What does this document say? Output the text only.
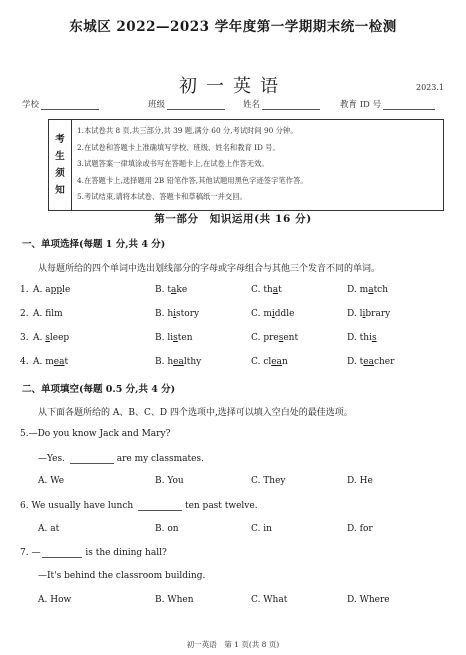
东城区 2022—2023 学年度第一学期期末统一检测
初一英语	2023.1
学校	班级	姓名	教育 ID 号
考
生
须
知
1.本试卷共 8 页,共三部分,共 39 题,满分 60 分,考试时间 90 分钟。
2.在试卷和答题卡上准确填写学校、班级、姓名和教育 ID 号。
3.试题答案一律填涂或书写在答题卡上,在试卷上作答无效。
4.在答题卡上,选择题用 2B 铅笔作答,其他试题用黑色字迹签字笔作答。
5.考试结束,请将本试卷、答题卡和草稿纸一并交回。
第一部分　知识运用(共 16 分)
一、单项选择(每题 1 分,共 4 分)
从每题所给的四个单词中选出划线部分的字母或字母组合与其他三个发音不同的单词。
1. A. apple	B. take	C. that	D. match
2. A. flm	B. history	C. middle	D. library
3. A. sleep	B. listen	C. present	D. this
4. A. meat	B. healthy	C. clean	D. teacher
二、单项填空(每题 0.5 分,共 4 分)
从下面各题所给的 A、B、C、D 四个选项中,选择可以填入空白处的最佳选项。
5.—Do you know Jack and Mary?
—Yes.	are my classmates.
A. We	B. You	C. They	D. He
6. We usually have lunch	ten past twelve.
A. at	B. on	C. in	D. for
7. —	is the dining hall?
—It's behind the classroom building.
A. How	B. When	C. What	D. Where
初一英语　第 1 页(共 8 页)
